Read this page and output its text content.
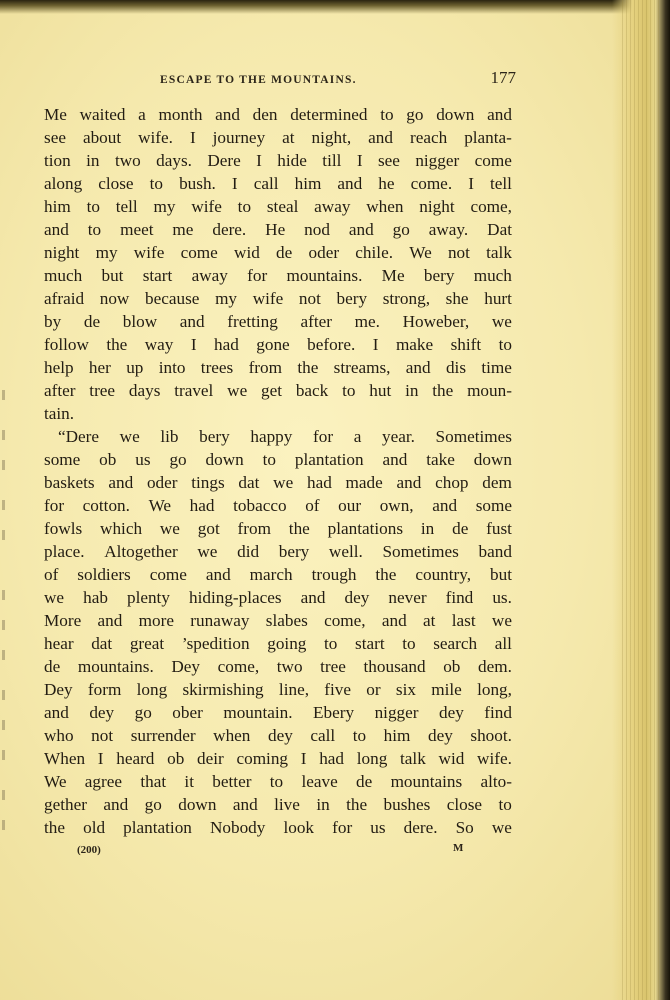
ESCAPE TO THE MOUNTAINS.	177
Me waited a month and den determined to go down and
see about wife. I journey at night, and reach planta-
tion in two days. Dere I hide till I see nigger come
along close to bush. I call him and he come. I tell
him to tell my wife to steal away when night come,
and to meet me dere. He nod and go away. Dat
night my wife come wid de oder chile. We not talk
much but start away for mountains. Me bery much
afraid now because my wife not bery strong, she hurt
by de blow and fretting after me. Howeber, we
follow the way I had gone before. I make shift to
help her up into trees from the streams, and dis time
after tree days travel we get back to hut in the moun-
tain.
“Dere we lib bery happy for a year. Sometimes
some ob us go down to plantation and take down
baskets and oder tings dat we had made and chop dem
for cotton. We had tobacco of our own, and some
fowls which we got from the plantations in de fust
place. Altogether we did bery well. Sometimes band
of soldiers come and march trough the country, but
we hab plenty hiding-places and dey never find us.
More and more runaway slabes come, and at last we
hear dat great ’spedition going to start to search all
de mountains. Dey come, two tree thousand ob dem.
Dey form long skirmishing line, five or six mile long,
and dey go ober mountain. Ebery nigger dey find
who not surrender when dey call to him dey shoot.
When I heard ob deir coming I had long talk wid wife.
We agree that it better to leave de mountains alto-
gether and go down and live in the bushes close to
the old plantation Nobody look for us dere. So we
(200)	M
